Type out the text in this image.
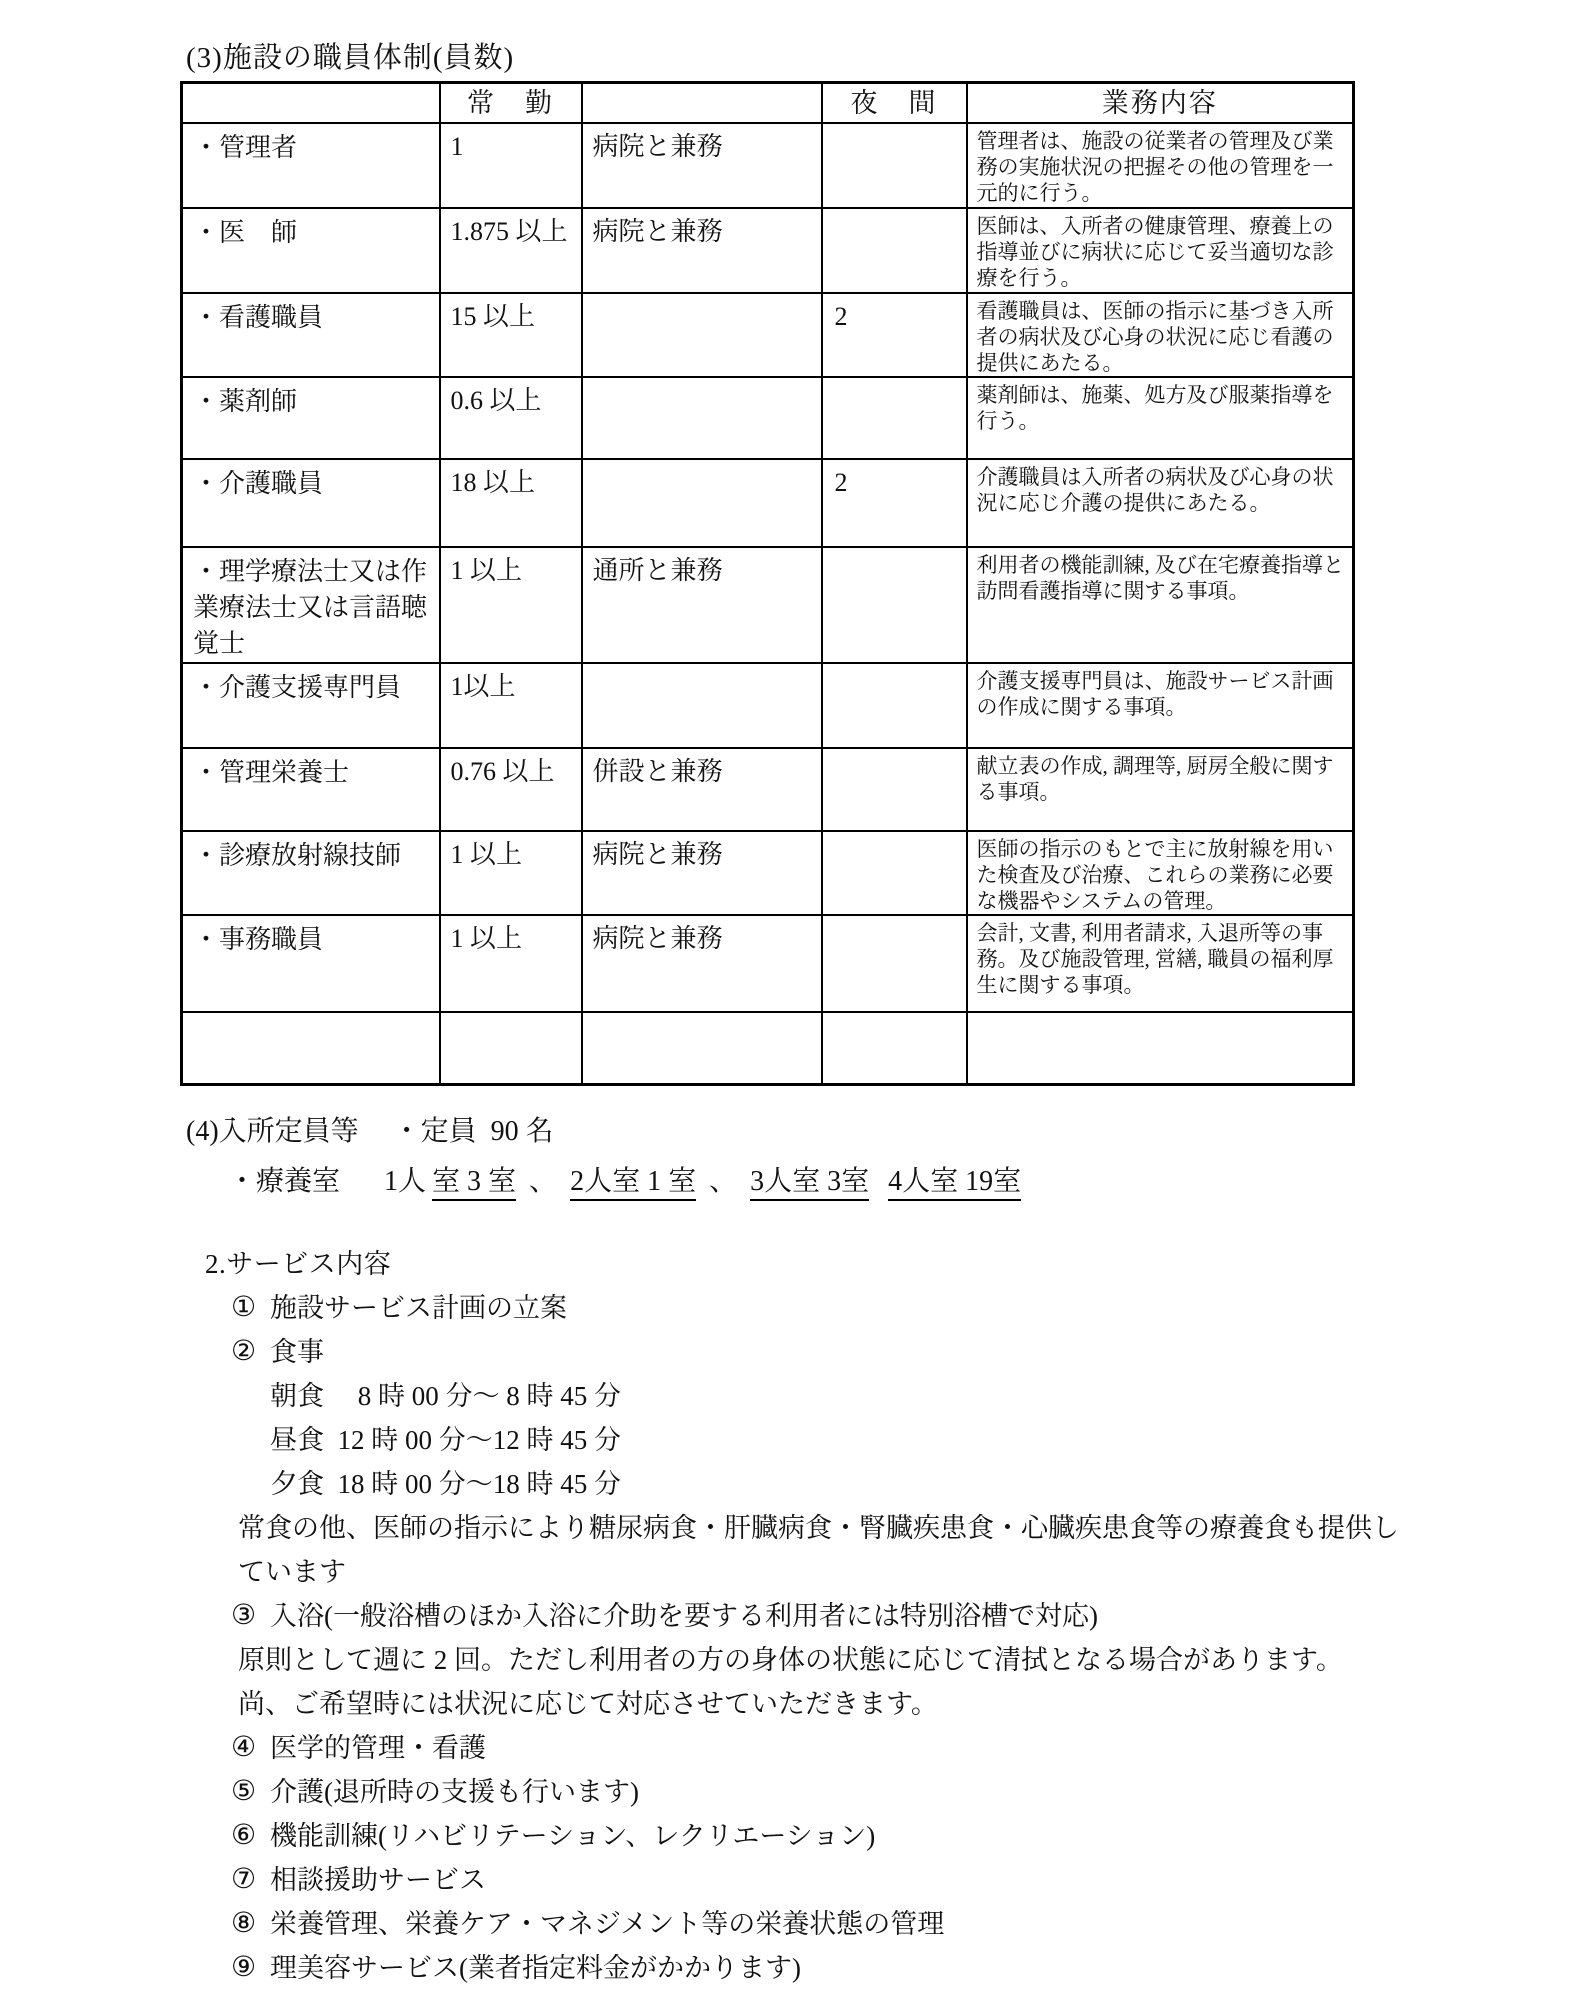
(3)施設の職員体制(員数)
	常　勤		夜　間	業務内容
・管理者	1	病院と兼務		管理者は、施設の従業者の管理及び業務の実施状況の把握その他の管理を一元的に行う。
・医　師	1.875 以上	病院と兼務		医師は、入所者の健康管理、療養上の指導並びに病状に応じて妥当適切な診療を行う。
・看護職員	15 以上		2	看護職員は、医師の指示に基づき入所者の病状及び心身の状況に応じ看護の提供にあたる。
・薬剤師	0.6 以上			薬剤師は、施薬、処方及び服薬指導を行う。
・介護職員	18 以上		2	介護職員は入所者の病状及び心身の状況に応じ介護の提供にあたる。
・理学療法士又は作業療法士又は言語聴覚士	1 以上	通所と兼務		利用者の機能訓練, 及び在宅療養指導と訪問看護指導に関する事項。
・介護支援専門員	1以上			介護支援専門員は、施設サービス計画の作成に関する事項。
・管理栄養士	0.76 以上	併設と兼務		献立表の作成, 調理等, 厨房全般に関する事項。
・診療放射線技師	1 以上	病院と兼務		医師の指示のもとで主に放射線を用いた検査及び治療、これらの業務に必要な機器やシステムの管理。
・事務職員	1 以上	病院と兼務		会計, 文書, 利用者請求, 入退所等の事務。及び施設管理, 営繕, 職員の福利厚生に関する事項。

(4)入所定員等 ・定員 90 名
・療養室 1人 室 3 室 、 2人室 1 室 、 3人室 3室 4人室 19室
2.サービス内容
① 施設サービス計画の立案
② 食事
朝食　 8 時 00 分～ 8 時 45 分
昼食  12 時 00 分～12 時 45 分
夕食  18 時 00 分～18 時 45 分
常食の他、医師の指示により糖尿病食・肝臓病食・腎臓疾患食・心臓疾患食等の療養食も提供し
ています
③ 入浴(一般浴槽のほか入浴に介助を要する利用者には特別浴槽で対応)
原則として週に 2 回。ただし利用者の方の身体の状態に応じて清拭となる場合があります。
尚、ご希望時には状況に応じて対応させていただきます。
④ 医学的管理・看護
⑤ 介護(退所時の支援も行います)
⑥ 機能訓練(リハビリテーション、レクリエーション)
⑦ 相談援助サービス
⑧ 栄養管理、栄養ケア・マネジメント等の栄養状態の管理
⑨ 理美容サービス(業者指定料金がかかります)
